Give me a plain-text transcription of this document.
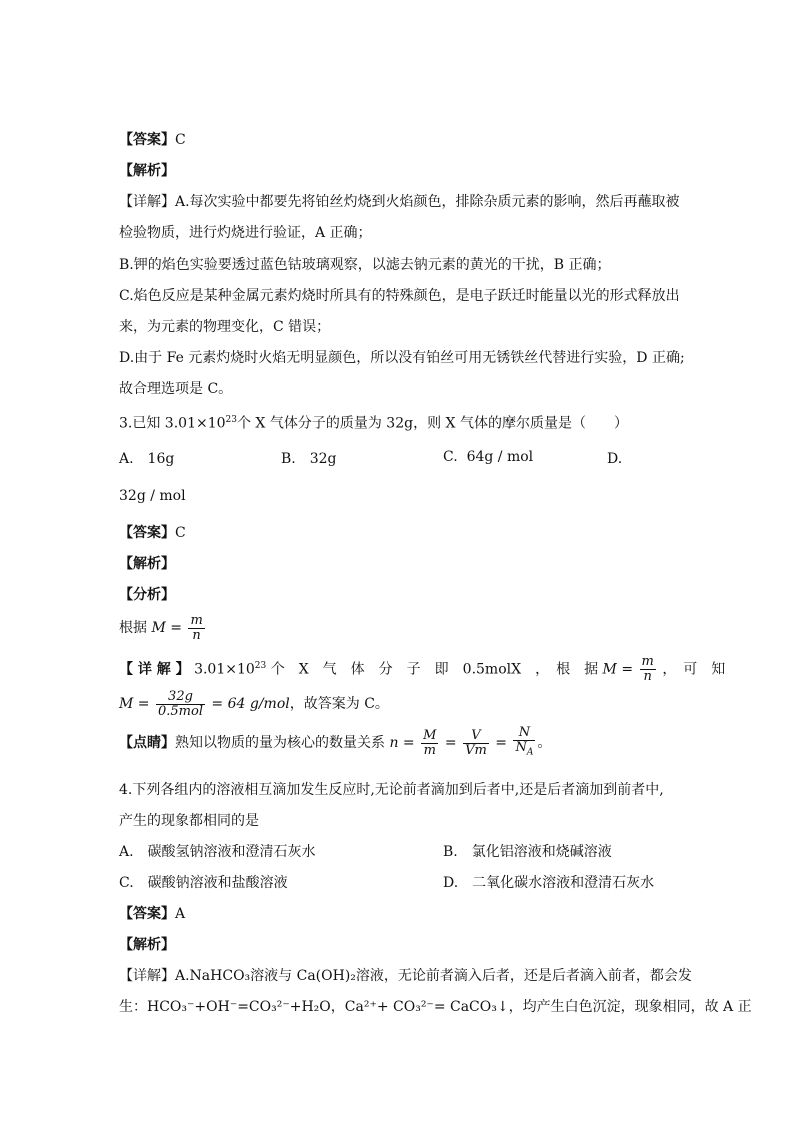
【答案】C
【解析】
【详解】A.每次实验中都要先将铂丝灼烧到火焰颜色，排除杂质元素的影响，然后再蘸取被
检验物质，进行灼烧进行验证，A 正确；
B.钾的焰色实验要透过蓝色钴玻璃观察，以滤去钠元素的黄光的干扰，B 正确；
C.焰色反应是某种金属元素灼烧时所具有的特殊颜色，是电子跃迁时能量以光的形式释放出
来，为元素的物理变化，C 错误；
D.由于 Fe 元素灼烧时火焰无明显颜色，所以没有铂丝可用无锈铁丝代替进行实验，D 正确;
故合理选项是 C。
3.已知 $3.01\times 10^{23}$个 X 气体分子的质量为 32g，则 X 气体的摩尔质量是（　　）
A.　16g	B.　32g	C. 64g / mol	D.
32g / mol
【答案】C
【解析】
【分析】
根据 $M = \frac{m}{n}$
【 详 解 】 $3.01\times 10^{23}$ 个　X　气　体　分　子　即　0.5molX　，　根　据 $M = \frac{m}{n}$ ，　可　知
$M = \frac{32g}{\text{0.5mol}} = 64$ g/mol，故答案为 C。
【点睛】熟知以物质的量为核心的数量关系 $n = \frac{M}{m} = \frac{V}{Vm} = \frac{N}{N_A}$ 。
4.下列各组内的溶液相互滴加发生反应时,无论前者滴加到后者中,还是后者滴加到前者中,
产生的现象都相同的是
A.　碳酸氢钠溶液和澄清石灰水	B.　氯化铝溶液和烧碱溶液
C.　碳酸钠溶液和盐酸溶液	D.　二氧化碳水溶液和澄清石灰水
【答案】A
【解析】
【详解】A.NaHCO₃溶液与 Ca(OH)₂溶液，无论前者滴入后者，还是后者滴入前者，都会发
生：HCO₃⁻+OH⁻=CO₃²⁻+H₂O，Ca²⁺+ CO₃²⁻= CaCO₃↓，均产生白色沉淀，现象相同，故 A 正
